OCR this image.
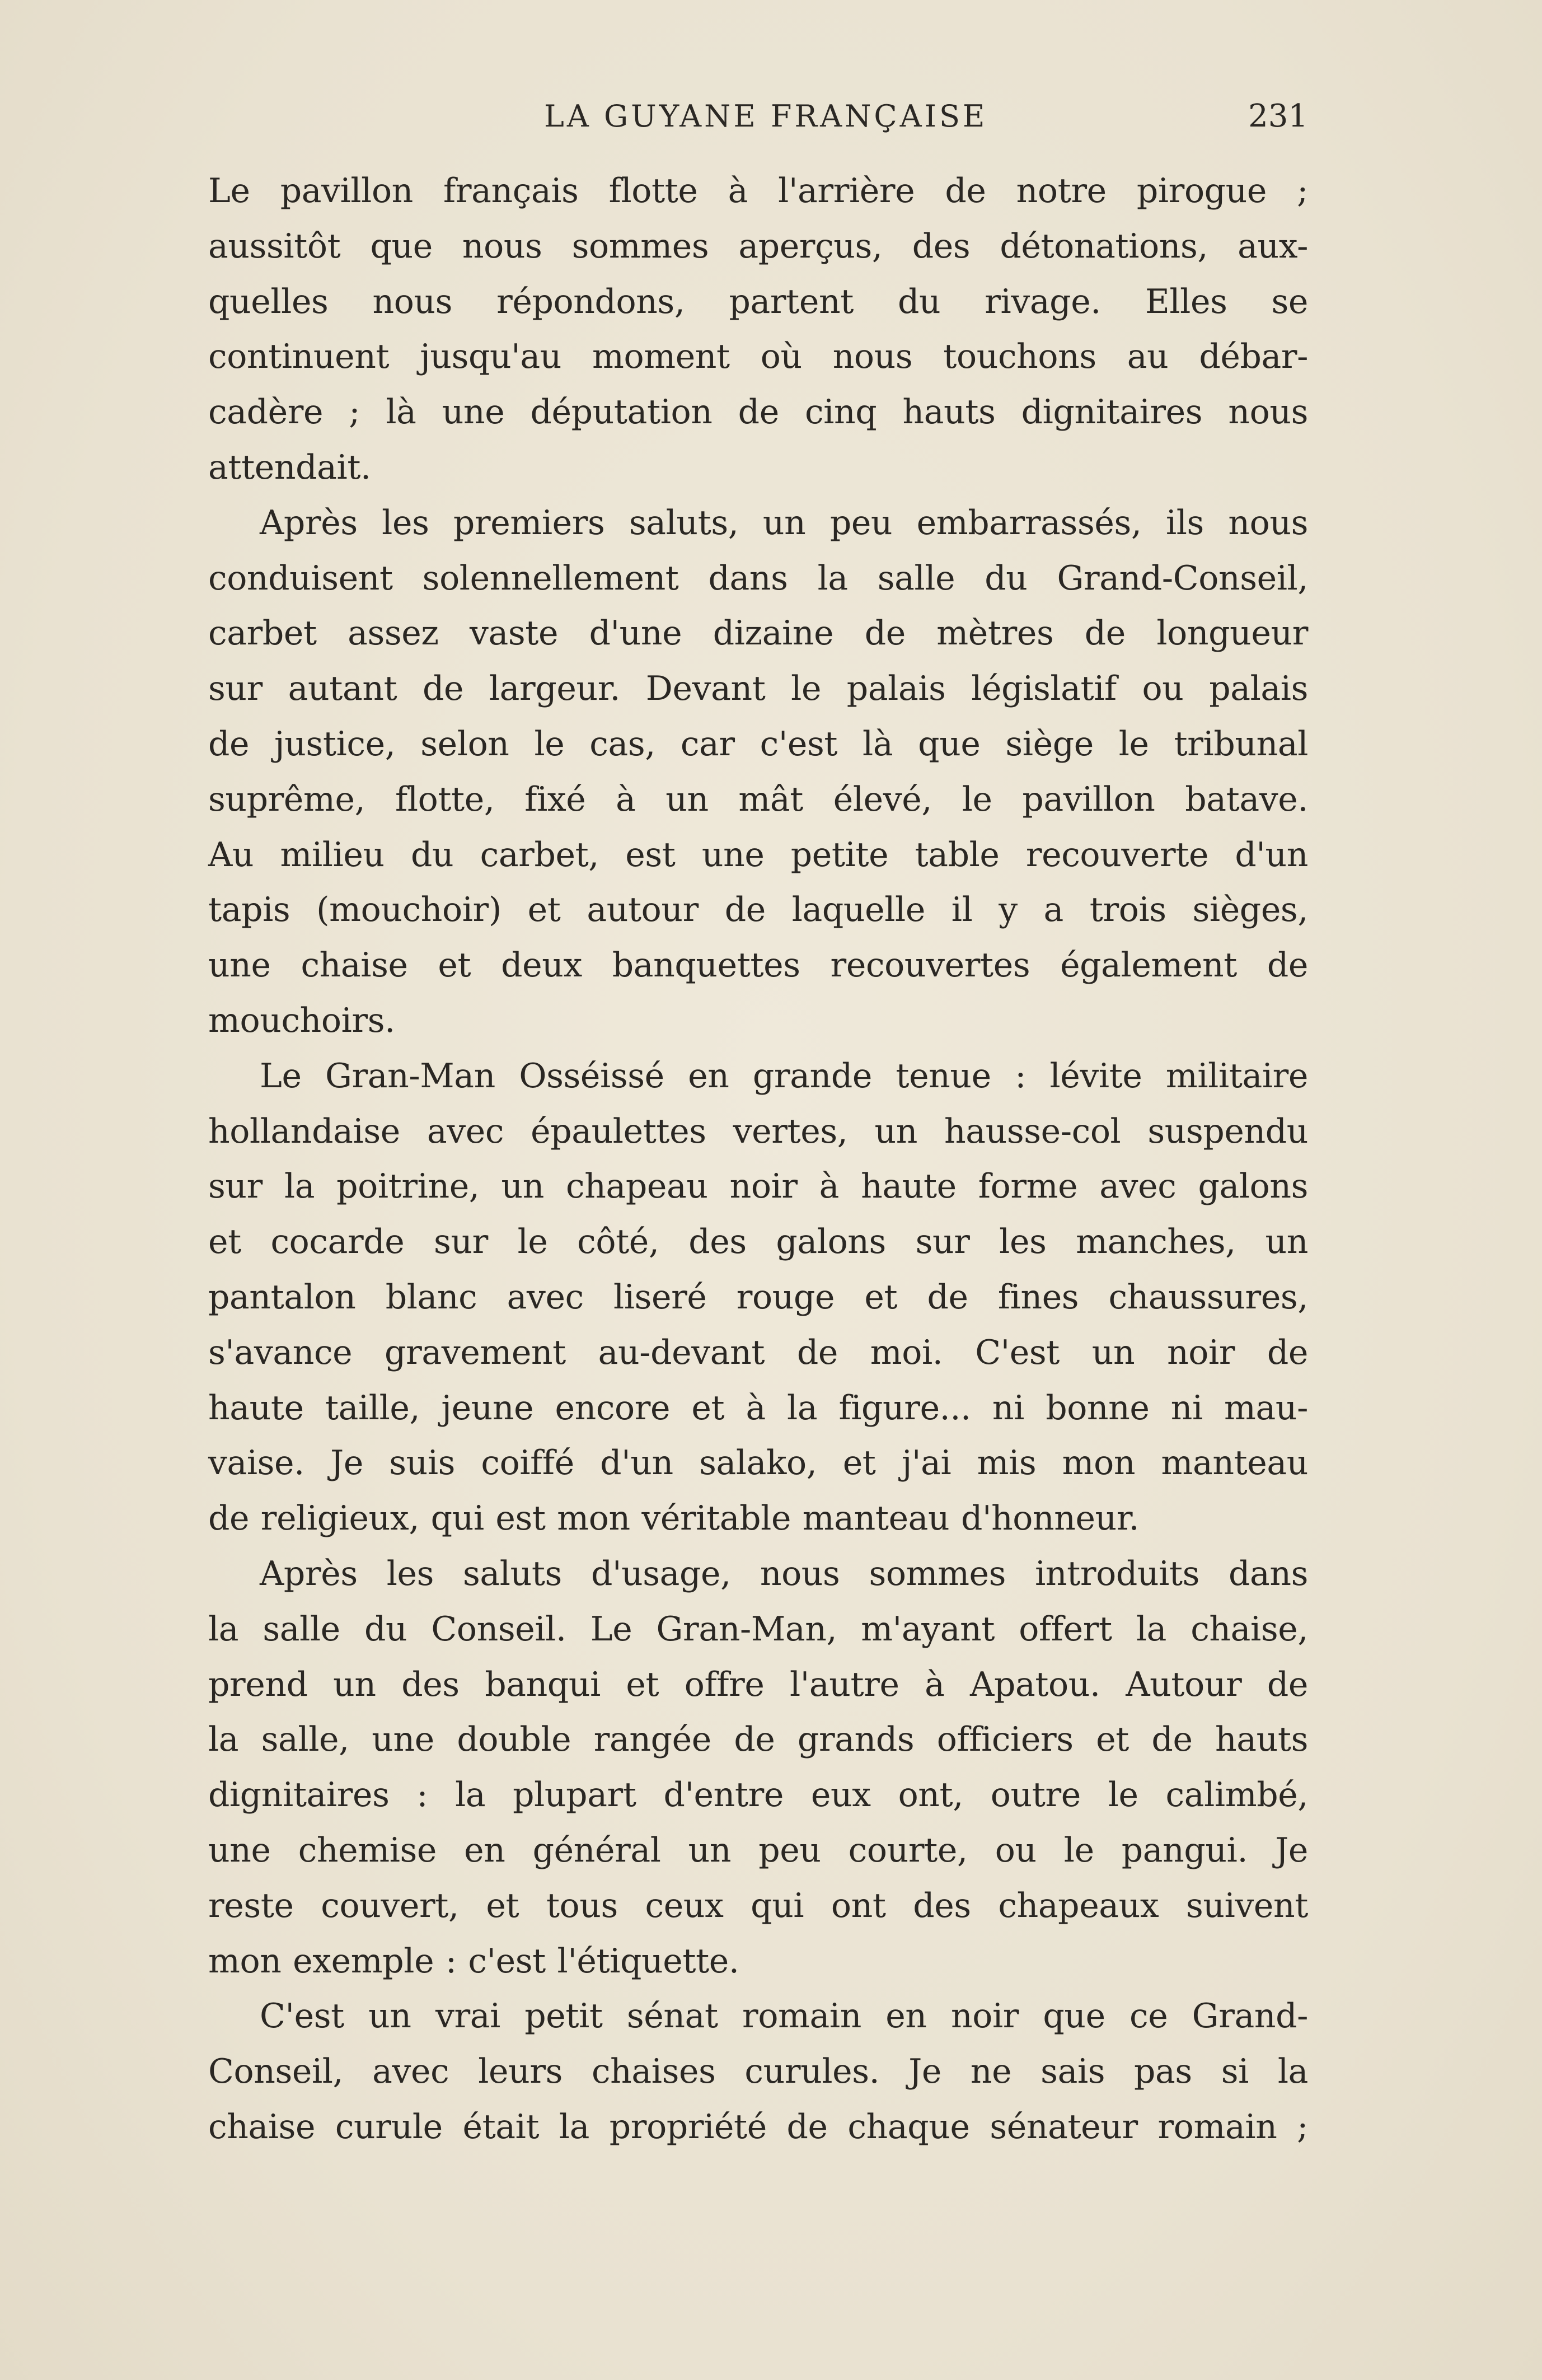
LA GUYANE FRANÇAISE	231
Le pavillon français flotte à l'arrière de notre pirogue ;
aussitôt que nous sommes aperçus, des détonations, aux-
quelles nous répondons, partent du rivage. Elles se
continuent jusqu'au moment où nous touchons au débar-
cadère ; là une députation de cinq hauts dignitaires nous
attendait.
Après les premiers saluts, un peu embarrassés, ils nous
conduisent solennellement dans la salle du Grand-Conseil,
carbet assez vaste d'une dizaine de mètres de longueur
sur autant de largeur. Devant le palais législatif ou palais
de justice, selon le cas, car c'est là que siège le tribunal
suprême, flotte, fixé à un mât élevé, le pavillon batave.
Au milieu du carbet, est une petite table recouverte d'un
tapis (mouchoir) et autour de laquelle il y a trois sièges,
une chaise et deux banquettes recouvertes également de
mouchoirs.
Le Gran-Man Osséissé en grande tenue : lévite militaire
hollandaise avec épaulettes vertes, un hausse-col suspendu
sur la poitrine, un chapeau noir à haute forme avec galons
et cocarde sur le côté, des galons sur les manches, un
pantalon blanc avec liseré rouge et de fines chaussures,
s'avance gravement au-devant de moi. C'est un noir de
haute taille, jeune encore et à la figure... ni bonne ni mau-
vaise. Je suis coiffé d'un salako, et j'ai mis mon manteau
de religieux, qui est mon véritable manteau d'honneur.
Après les saluts d'usage, nous sommes introduits dans
la salle du Conseil. Le Gran-Man, m'ayant offert la chaise,
prend un des banqui et offre l'autre à Apatou. Autour de
la salle, une double rangée de grands officiers et de hauts
dignitaires : la plupart d'entre eux ont, outre le calimbé,
une chemise en général un peu courte, ou le pangui. Je
reste couvert, et tous ceux qui ont des chapeaux suivent
mon exemple : c'est l'étiquette.
C'est un vrai petit sénat romain en noir que ce Grand-
Conseil, avec leurs chaises curules. Je ne sais pas si la
chaise curule était la propriété de chaque sénateur romain ;
